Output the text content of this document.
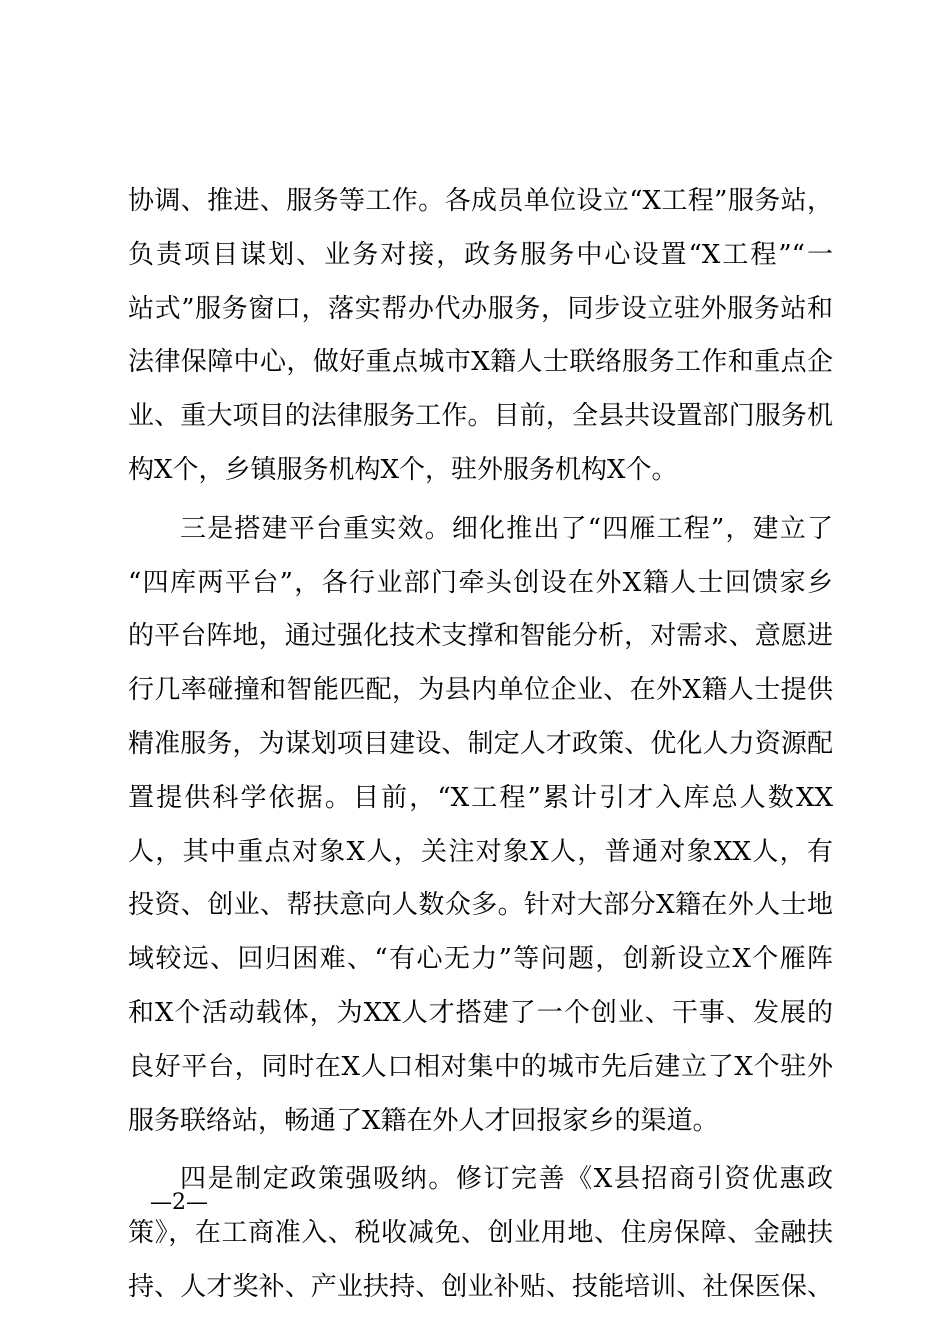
协调、推进、服务等工作。各成员单位设立“X工程”服务站，
负责项目谋划、业务对接，政务服务中心设置“X工程”“一
站式”服务窗口，落实帮办代办服务，同步设立驻外服务站和
法律保障中心，做好重点城市X籍人士联络服务工作和重点企
业、重大项目的法律服务工作。目前，全县共设置部门服务机
构X个，乡镇服务机构X个，驻外服务机构X个。
三是搭建平台重实效。细化推出了“四雁工程”，建立了
“四库两平台”，各行业部门牵头创设在外X籍人士回馈家乡
的平台阵地，通过强化技术支撑和智能分析，对需求、意愿进
行几率碰撞和智能匹配，为县内单位企业、在外X籍人士提供
精准服务，为谋划项目建设、制定人才政策、优化人力资源配
置提供科学依据。目前，“X工程”累计引才入库总人数XX
人，其中重点对象X人，关注对象X人，普通对象XX人，有
投资、创业、帮扶意向人数众多。针对大部分X籍在外人士地
域较远、回归困难、“有心无力”等问题，创新设立X个雁阵
和X个活动载体，为XX人才搭建了一个创业、干事、发展的
良好平台，同时在X人口相对集中的城市先后建立了X个驻外
服务联络站，畅通了X籍在外人才回报家乡的渠道。
四是制定政策强吸纳。修订完善《X县招商引资优惠政
策》，在工商准入、税收减免、创业用地、住房保障、金融扶
持、人才奖补、产业扶持、创业补贴、技能培训、社保医保、
—2—
